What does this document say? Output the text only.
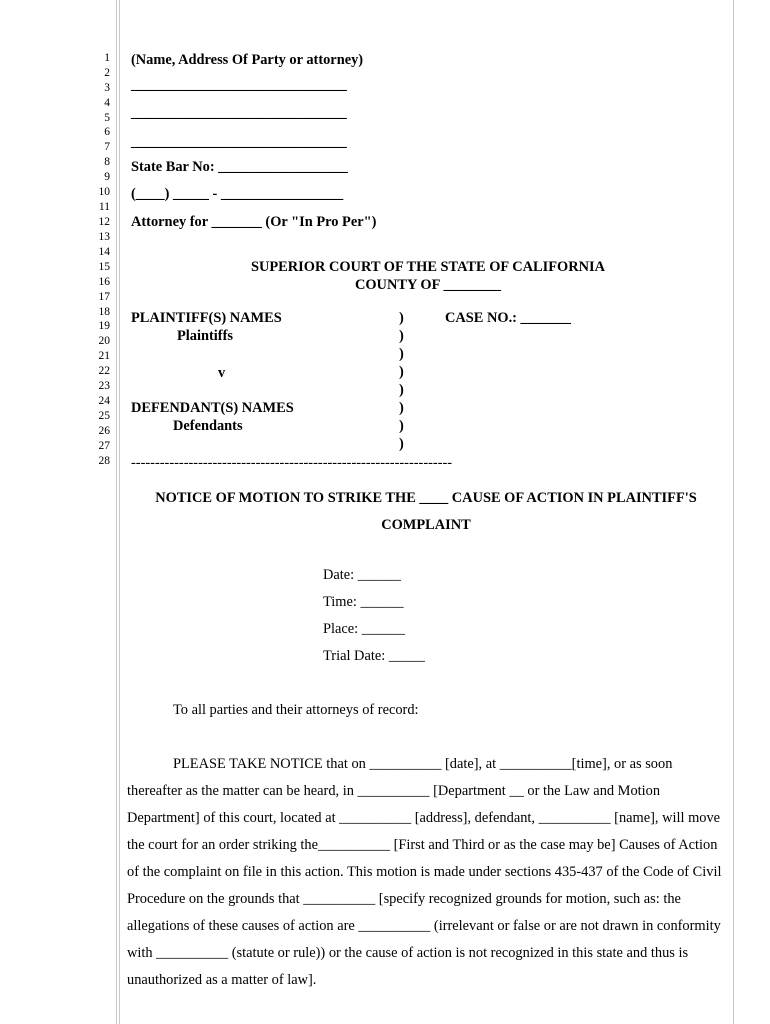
1
2
3
4
5
6
7
8
9
10
11
12
13
14
15
16
17
18
19
20
21
22
23
24
25
26
27
28
(Name, Address Of Party or attorney)
______________________________
______________________________
______________________________
State Bar No: __________________
(____) _____ - _________________
Attorney for _______ (Or "In Pro Per")
SUPERIOR COURT OF THE STATE OF CALIFORNIA
COUNTY OF ________
PLAINTIFF(S) NAMES
Plaintiffs
v
DEFENDANT(S) NAMES
Defendants
)
)
)
)
)
)
)
)
CASE NO.: _______
-------------------------------------------------------------------
NOTICE OF MOTION TO STRIKE THE ____ CAUSE OF ACTION IN PLAINTIFF'S
COMPLAINT
Date: ______
Time: ______
Place: ______
Trial Date: _____
To all parties and their attorneys of record:
PLEASE TAKE NOTICE that on __________ [date], at __________[time], or as soon thereafter as the matter can be heard, in __________ [Department __ or the Law and Motion Department] of this court, located at __________ [address], defendant, __________ [name], will move the court for an order striking the__________ [First and Third or as the case may be] Causes of Action of the complaint on file in this action. This motion is made under sections 435-437 of the Code of Civil Procedure on the grounds that __________ [specify recognized grounds for motion, such as: the allegations of these causes of action are __________ (irrelevant or false or are not drawn in conformity with __________ (statute or rule)) or the cause of action is not recognized in this state and thus is unauthorized as a matter of law].
